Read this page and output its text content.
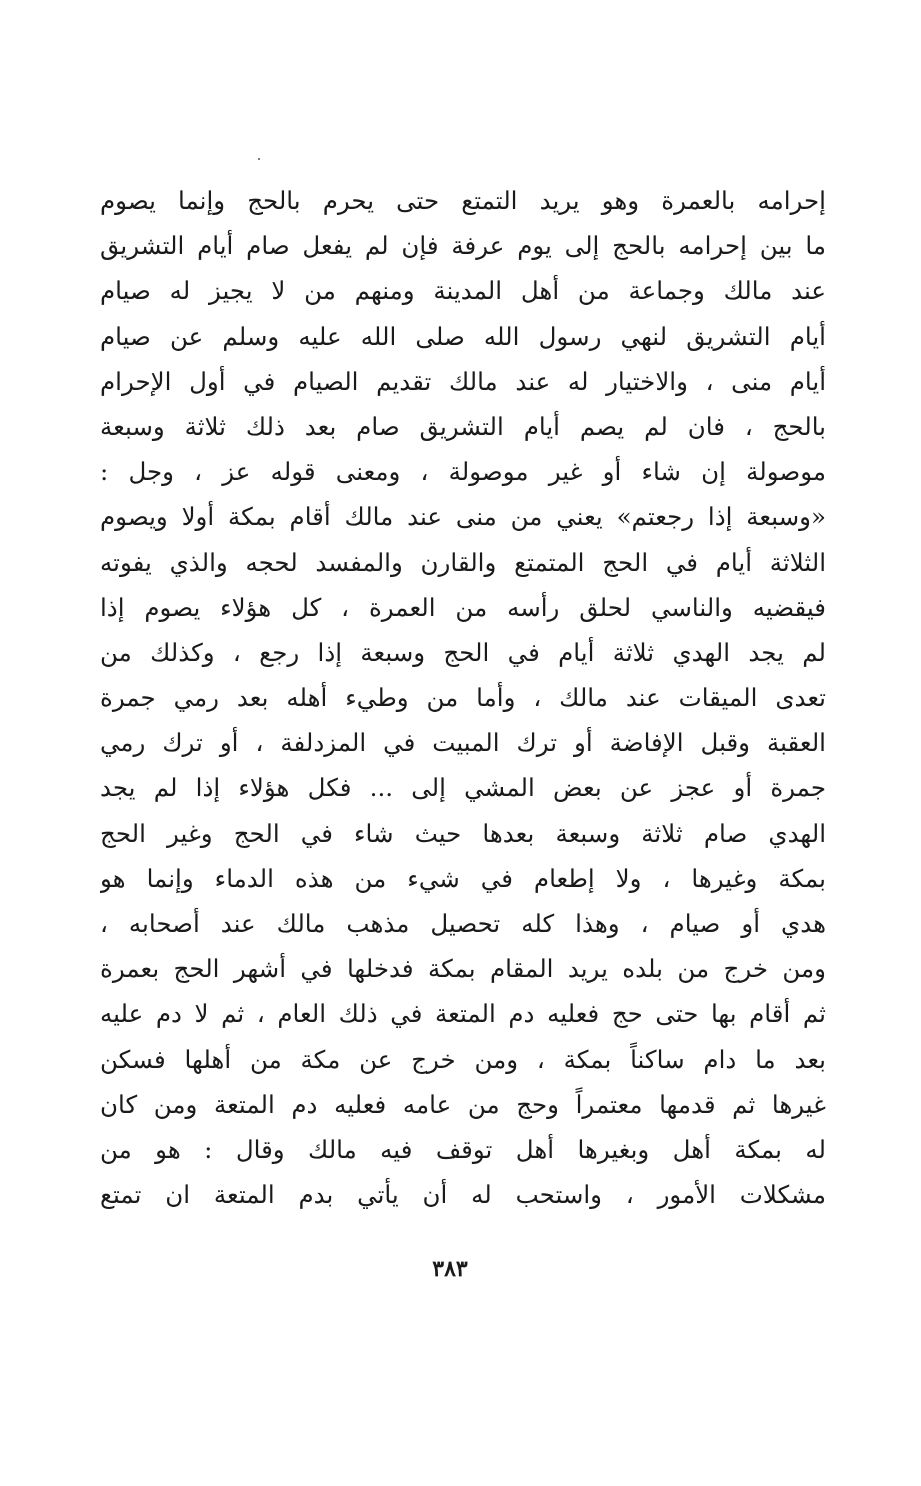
إحرامه بالعمرة وهو يريد التمتع حتى يحرم بالحج وإنما يصوم
ما بين إحرامه بالحج إلى يوم عرفة فإن لم يفعل صام أيام التشريق
عند مالك وجماعة من أهل المدينة ومنهم من لا يجيز له صيام
أيام التشريق لنهي رسول الله صلى الله عليه وسلم عن صيام
أيام منى ، والاختيار له عند مالك تقديم الصيام في أول الإحرام
بالحج ، فان لم يصم أيام التشريق صام بعد ذلك ثلاثة وسبعة
موصولة إن شاء أو غير موصولة ، ومعنى قوله عز ، وجل :
«وسبعة إذا رجعتم» يعني من منى عند مالك أقام بمكة أولا ويصوم
الثلاثة أيام في الحج المتمتع والقارن والمفسد لحجه والذي يفوته
فيقضيه والناسي لحلق رأسه من العمرة ، كل هؤلاء يصوم إذا
لم يجد الهدي ثلاثة أيام في الحج وسبعة إذا رجع ، وكذلك من
تعدى الميقات عند مالك ، وأما من وطيء أهله بعد رمي جمرة
العقبة وقبل الإفاضة أو ترك المبيت في المزدلفة ، أو ترك رمي
جمرة أو عجز عن بعض المشي إلى ... فكل هؤلاء إذا لم يجد
الهدي صام ثلاثة وسبعة بعدها حيث شاء في الحج وغير الحج
بمكة وغيرها ، ولا إطعام في شيء من هذه الدماء وإنما هو
هدي أو صيام ، وهذا كله تحصيل مذهب مالك عند أصحابه ،
ومن خرج من بلده يريد المقام بمكة فدخلها في أشهر الحج بعمرة
ثم أقام بها حتى حج فعليه دم المتعة في ذلك العام ، ثم لا دم عليه
بعد ما دام ساكناً بمكة ، ومن خرج عن مكة من أهلها فسكن
غيرها ثم قدمها معتمراً وحج من عامه فعليه دم المتعة ومن كان
له بمكة أهل وبغيرها أهل توقف فيه مالك وقال : هو من
مشكلات الأمور ، واستحب له أن يأتي بدم المتعة ان تمتع
٣٨٣
